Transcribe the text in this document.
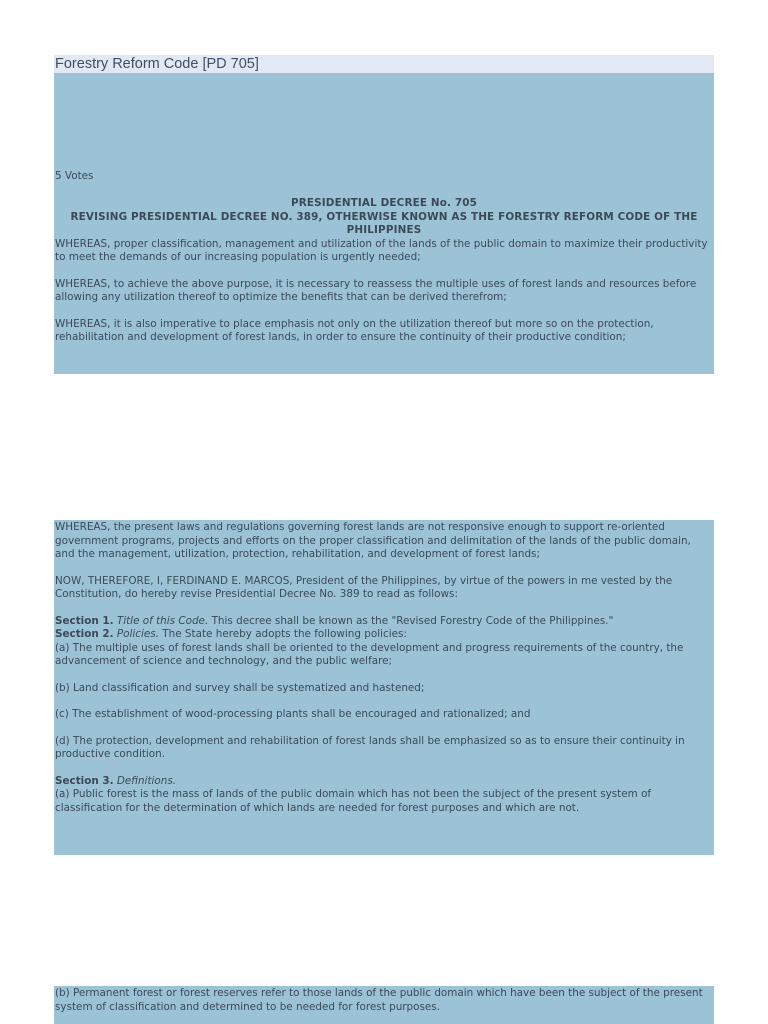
Forestry Reform Code [PD 705]
5 Votes

PRESIDENTIAL DECREE No. 705

REVISING PRESIDENTIAL DECREE NO. 389, OTHERWISE KNOWN AS THE FORESTRY REFORM CODE OF THE PHILIPPINES

WHEREAS, proper classification, management and utilization of the lands of the public domain to maximize their productivity to meet the demands of our increasing population is urgently needed;

WHEREAS, to achieve the above purpose, it is necessary to reassess the multiple uses of forest lands and resources before allowing any utilization thereof to optimize the benefits that can be derived therefrom;

WHEREAS, it is also imperative to place emphasis not only on the utilization thereof but more so on the protection, rehabilitation and development of forest lands, in order to ensure the continuity of their productive condition;

WHEREAS, the present laws and regulations governing forest lands are not responsive enough to support re-oriented government programs, projects and efforts on the proper classification and delimitation of the lands of the public domain, and the management, utilization, protection, rehabilitation, and development of forest lands;

NOW, THEREFORE, I, FERDINAND E. MARCOS, President of the Philippines, by virtue of the powers in me vested by the Constitution, do hereby revise Presidential Decree No. 389 to read as follows:

Section 1. Title of this Code. This decree shall be known as the "Revised Forestry Code of the Philippines."

Section 2. Policies. The State hereby adopts the following policies:

(a) The multiple uses of forest lands shall be oriented to the development and progress requirements of the country, the advancement of science and technology, and the public welfare;

(b) Land classification and survey shall be systematized and hastened;

(c) The establishment of wood-processing plants shall be encouraged and rationalized; and

(d) The protection, development and rehabilitation of forest lands shall be emphasized so as to ensure their continuity in productive condition.

Section 3. Definitions.

(a) Public forest is the mass of lands of the public domain which has not been the subject of the present system of classification for the determination of which lands are needed for forest purposes and which are not.

(b) Permanent forest or forest reserves refer to those lands of the public domain which have been the subject of the present system of classification and determined to be needed for forest purposes.
